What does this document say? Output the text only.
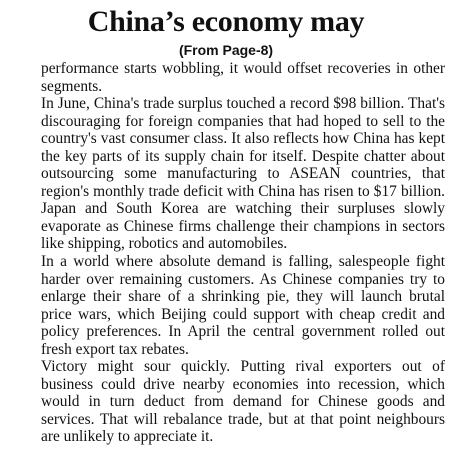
China’s economy may
(From Page-8)

performance starts wobbling, it would offset recoveries in other segments.

In June, China's trade surplus touched a record $98 billion. That's discouraging for foreign companies that had hoped to sell to the country's vast consumer class. It also reflects how China has kept the key parts of its supply chain for itself. Despite chatter about outsourcing some manufacturing to ASEAN countries, that region's monthly trade deficit with China has risen to $17 billion. Japan and South Korea are watching their surpluses slowly evaporate as Chinese firms challenge their champions in sectors like shipping, robotics and automobiles.

In a world where absolute demand is falling, salespeople fight harder over remaining customers. As Chinese companies try to enlarge their share of a shrinking pie, they will launch brutal price wars, which Beijing could support with cheap credit and policy preferences. In April the central government rolled out fresh export tax rebates.

Victory might sour quickly. Putting rival exporters out of business could drive nearby economies into recession, which would in turn deduct from demand for Chinese goods and services. That will rebalance trade, but at that point neighbours are unlikely to appreciate it.
